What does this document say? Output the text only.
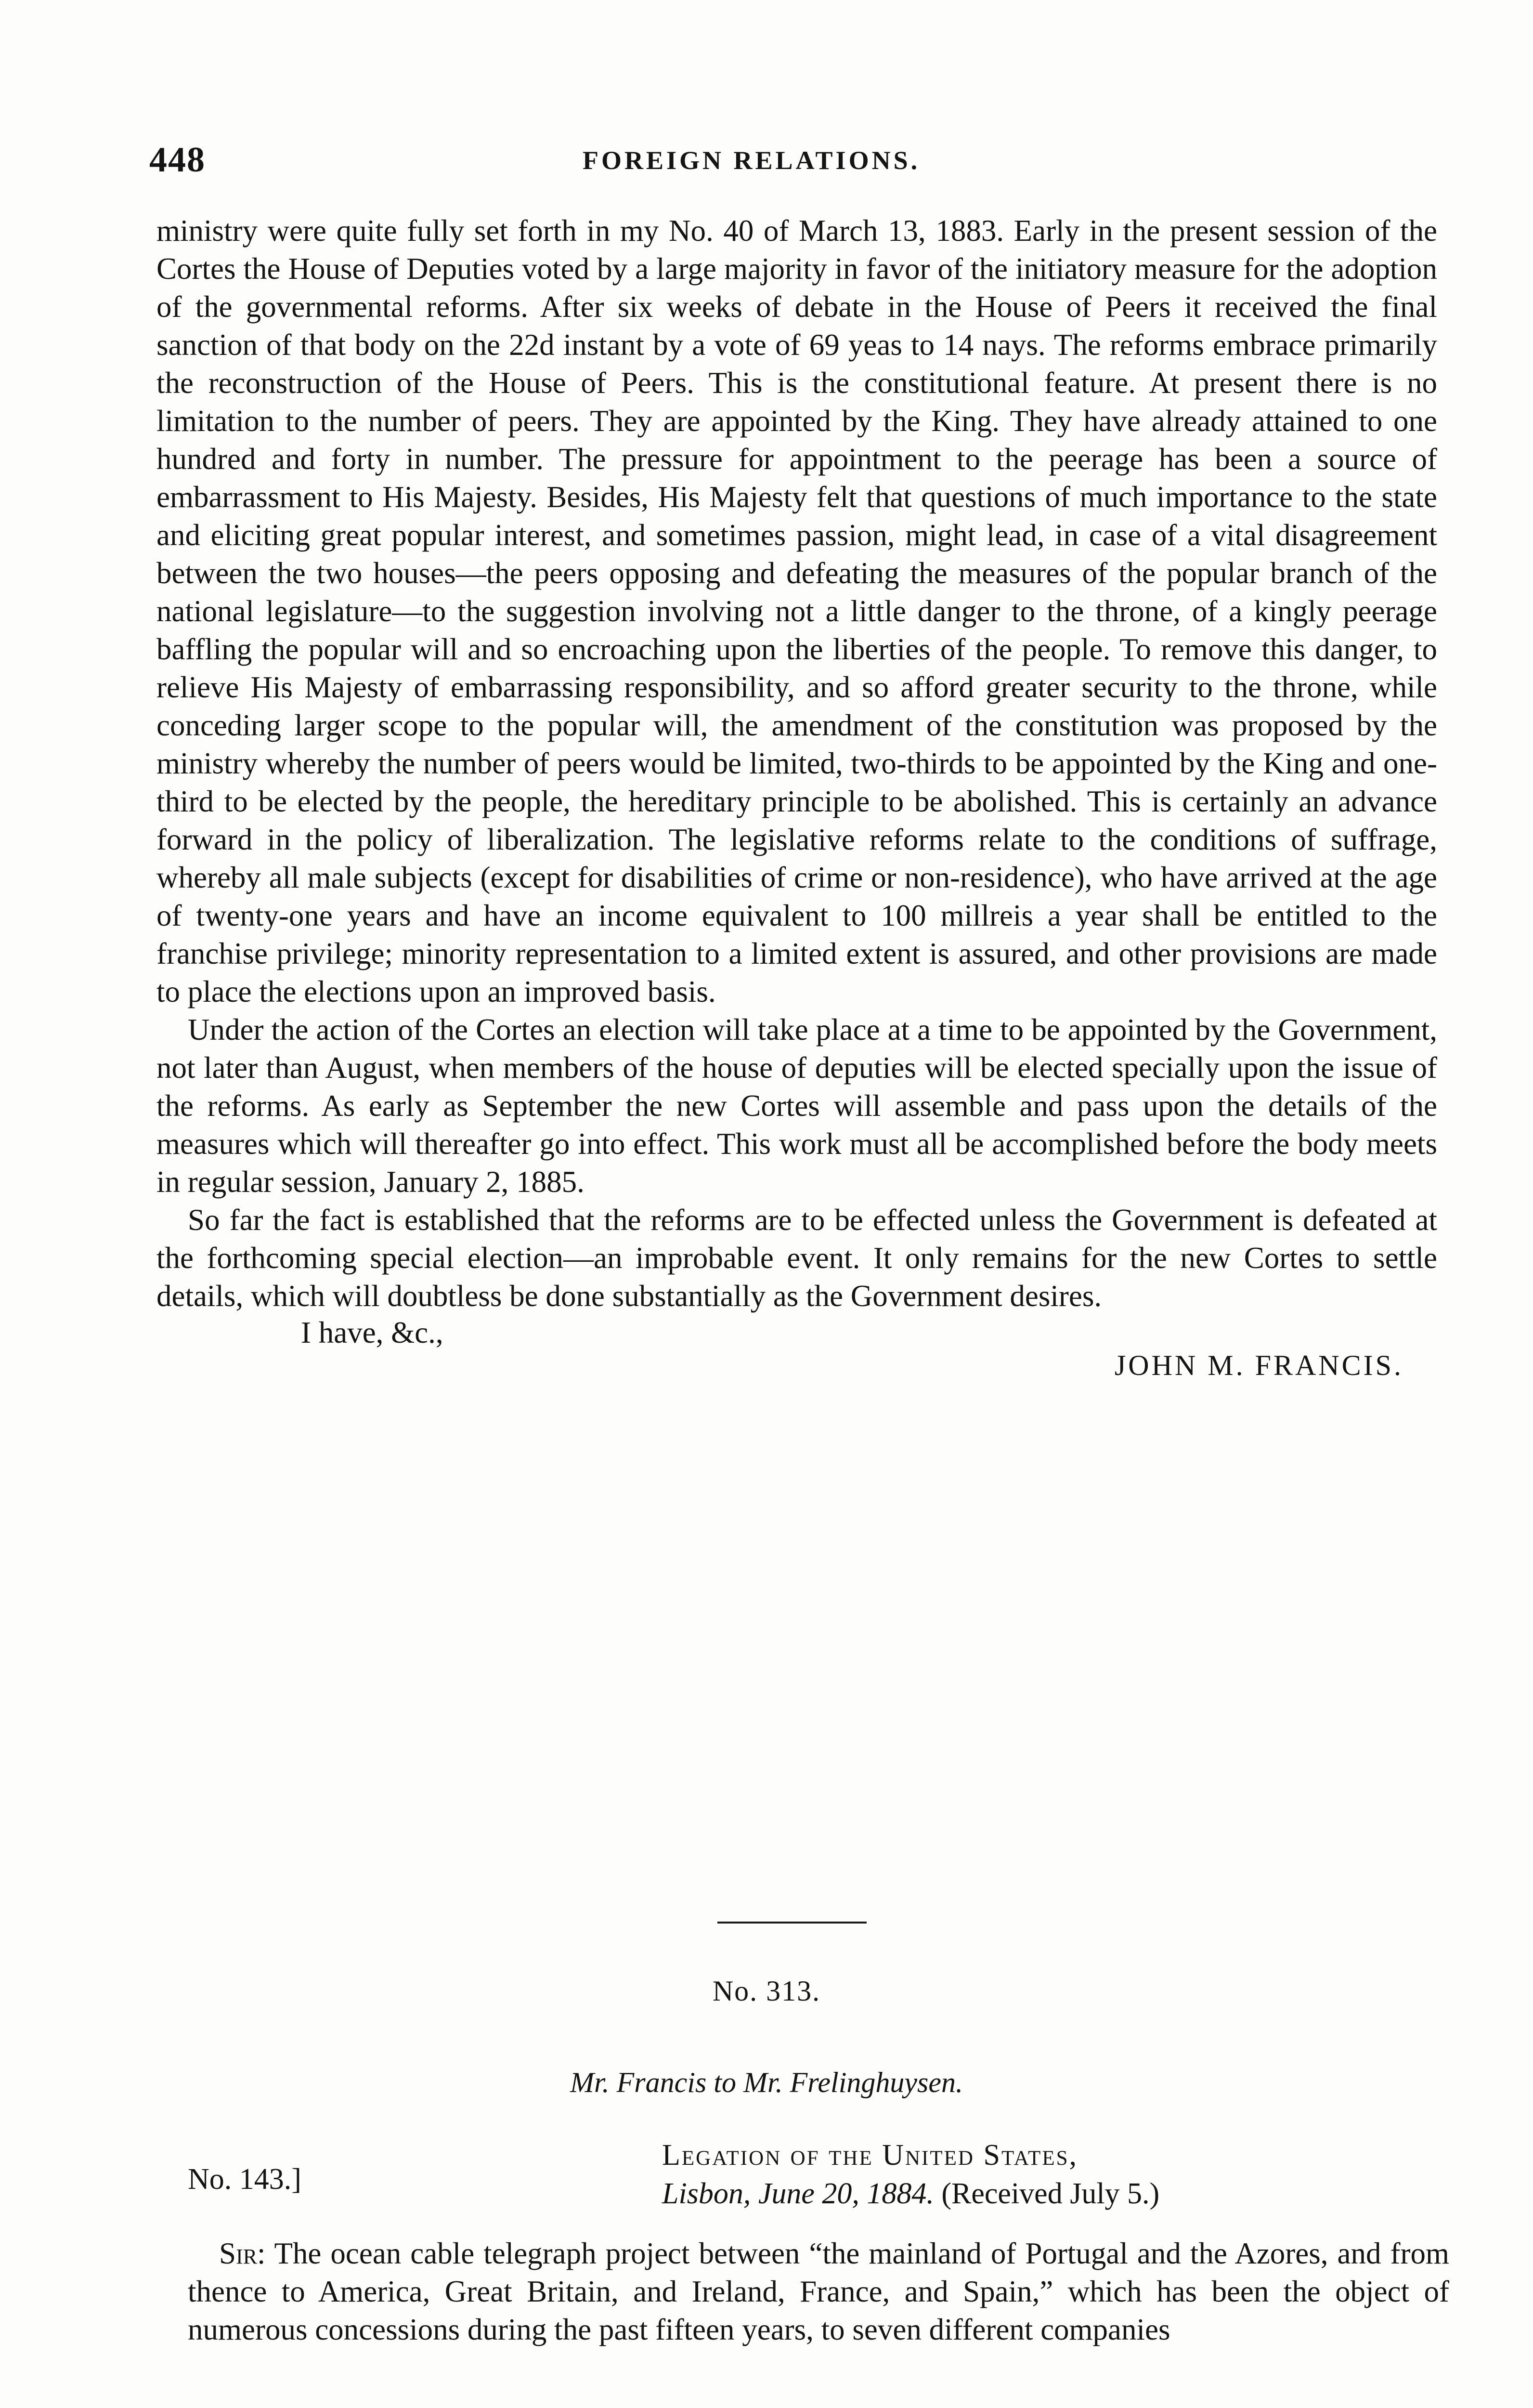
448	FOREIGN RELATIONS.

ministry were quite fully set forth in my No. 40 of March 13, 1883. Early in the present session of the Cortes the House of Deputies voted by a large majority in favor of the initiatory measure for the adoption of the governmental reforms. After six weeks of debate in the House of Peers it received the final sanction of that body on the 22d instant by a vote of 69 yeas to 14 nays. The reforms embrace primarily the reconstruction of the House of Peers. This is the constitutional feature. At present there is no limitation to the number of peers. They are appointed by the King. They have already attained to one hundred and forty in number. The pressure for appointment to the peerage has been a source of embarrassment to His Majesty. Besides, His Majesty felt that questions of much importance to the state and eliciting great popular interest, and sometimes passion, might lead, in case of a vital disagreement between the two houses—the peers opposing and defeating the measures of the popular branch of the national legislature—to the suggestion involving not a little danger to the throne, of a kingly peerage baffling the popular will and so encroaching upon the liberties of the people. To remove this danger, to relieve His Majesty of embarrassing responsibility, and so afford greater security to the throne, while conceding larger scope to the popular will, the amendment of the constitution was proposed by the ministry whereby the number of peers would be limited, two-thirds to be appointed by the King and one-third to be elected by the people, the hereditary principle to be abolished. This is certainly an advance forward in the policy of liberalization. The legislative reforms relate to the conditions of suffrage, whereby all male subjects (except for disabilities of crime or non-residence), who have arrived at the age of twenty-one years and have an income equivalent to 100 millreis a year shall be entitled to the franchise privilege; minority representation to a limited extent is assured, and other provisions are made to place the elections upon an improved basis.

Under the action of the Cortes an election will take place at a time to be appointed by the Government, not later than August, when members of the house of deputies will be elected specially upon the issue of the reforms. As early as September the new Cortes will assemble and pass upon the details of the measures which will thereafter go into effect. This work must all be accomplished before the body meets in regular session, January 2, 1885.

So far the fact is established that the reforms are to be effected unless the Government is defeated at the forthcoming special election—an improbable event. It only remains for the new Cortes to settle details, which will doubtless be done substantially as the Government desires.

I have, &c.,
JOHN M. FRANCIS.
No. 313.
Mr. Francis to Mr. Frelinghuysen.
No. 143.]
Legation of the United States,
Lisbon, June 20, 1884. (Received July 5.)

Sir: The ocean cable telegraph project between “the mainland of Portugal and the Azores, and from thence to America, Great Britain, and Ireland, France, and Spain,” which has been the object of numerous concessions during the past fifteen years, to seven different companies
